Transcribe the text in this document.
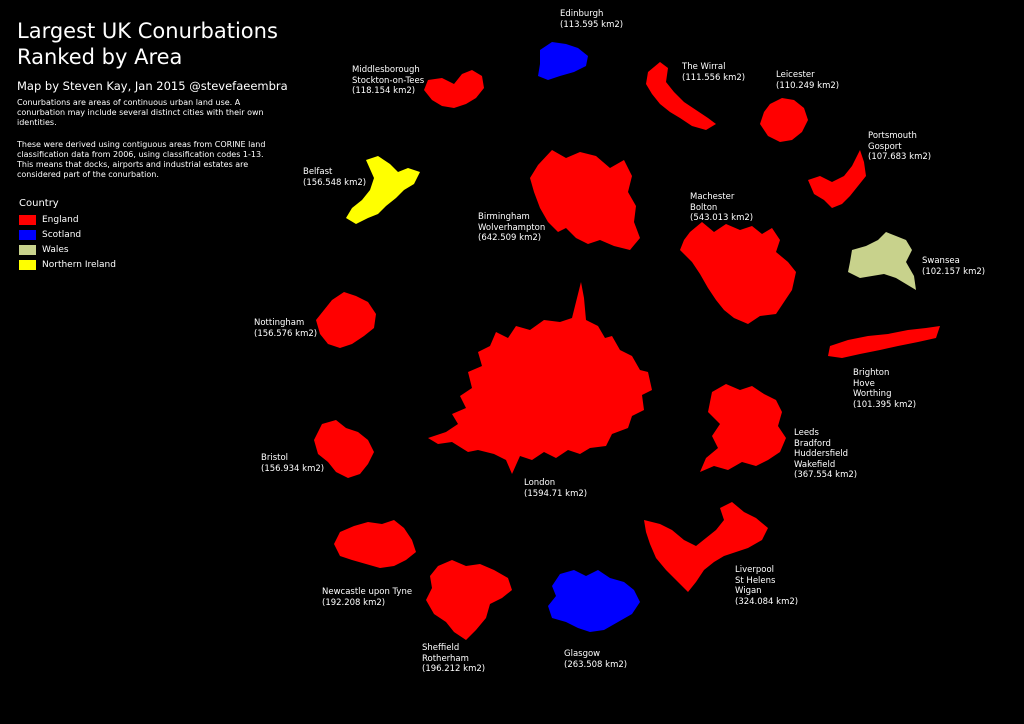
Largest UK Conurbations
Ranked by Area
Map by Steven Kay, Jan 2015 @stevefaeembra
Conurbations are areas of continuous urban land use. A conurbation may include several distinct cities with their own identities.
These were derived using contiguous areas from CORINE land classification data from 2006, using classification codes 1-13. This means that docks, airports and industrial estates are considered part of the conurbation.
Country
England
Scotland
Wales
Northern Ireland
London
(1594.71 km2)
Birmingham
Wolverhampton
(642.509 km2)
Machester
Bolton
(543.013 km2)
Leeds
Bradford
Huddersfield
Wakefield
(367.554 km2)
Liverpool
St Helens
Wigan
(324.084 km2)
Glasgow
(263.508 km2)
Sheffield
Rotherham
(196.212 km2)
Newcastle upon Tyne
(192.208 km2)
Bristol
(156.934 km2)
Nottingham
(156.576 km2)
Belfast
(156.548 km2)
Middlesborough
Stockton-on-Tees
(118.154 km2)
Edinburgh
(113.595 km2)
The Wirral
(111.556 km2)	Leicester
(110.249 km2)
Portsmouth
Gosport
(107.683 km2)
Swansea
(102.157 km2)
Brighton
Hove
Worthing
(101.395 km2)
